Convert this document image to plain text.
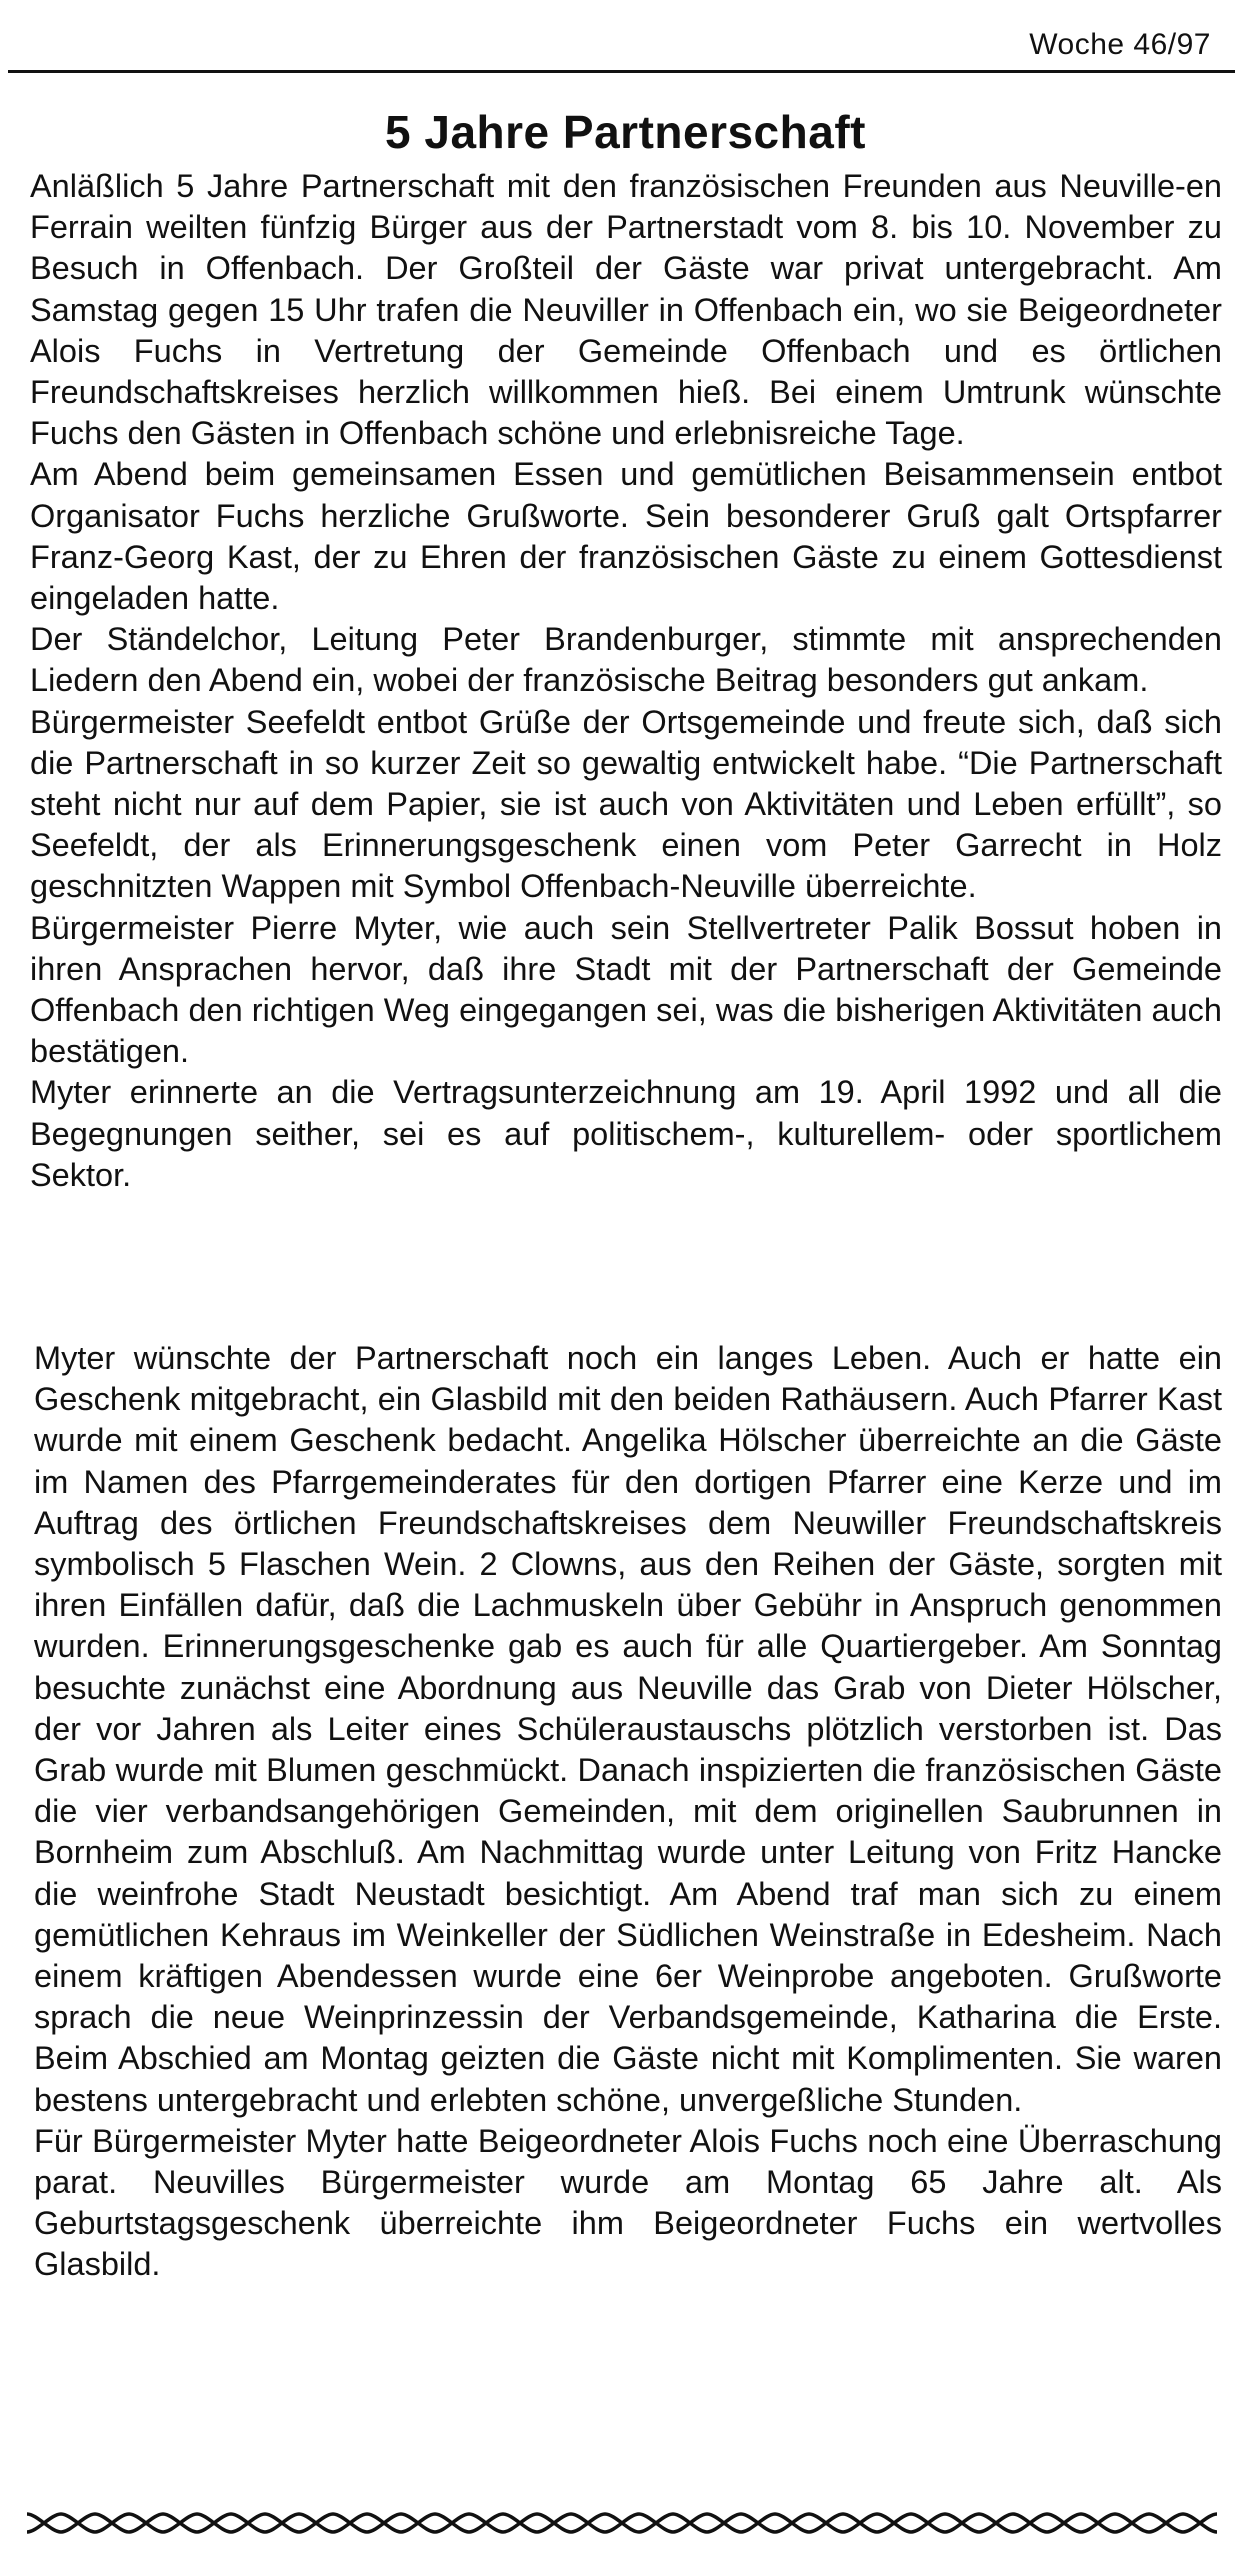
Woche 46/97
5 Jahre Partnerschaft

Anläßlich 5 Jahre Partnerschaft mit den französischen Freunden aus Neuville-en Ferrain weilten fünfzig Bürger aus der Partnerstadt vom 8. bis 10. November zu Besuch in Offenbach. Der Großteil der Gäste war privat untergebracht. Am Samstag gegen 15 Uhr trafen die Neuviller in Offenbach ein, wo sie Beigeordneter Alois Fuchs in Vertretung der Gemeinde Offenbach und es örtlichen Freundschaftskreises herzlich willkommen hieß. Bei einem Umtrunk wünschte Fuchs den Gästen in Offenbach schöne und erlebnisreiche Tage.

Am Abend beim gemeinsamen Essen und gemütlichen Beisammensein entbot Organisator Fuchs herzliche Grußworte. Sein besonderer Gruß galt Ortspfarrer Franz-Georg Kast, der zu Ehren der französischen Gäste zu einem Gottesdienst eingeladen hatte.

Der Ständelchor, Leitung Peter Brandenburger, stimmte mit ansprechenden Liedern den Abend ein, wobei der französische Beitrag besonders gut ankam.

Bürgermeister Seefeldt entbot Grüße der Ortsgemeinde und freute sich, daß sich die Partnerschaft in so kurzer Zeit so gewaltig entwickelt habe. “Die Partnerschaft steht nicht nur auf dem Papier, sie ist auch von Aktivitäten und Leben erfüllt”, so Seefeldt, der als Erinnerungsgeschenk einen vom Peter Garrecht in Holz geschnitzten Wappen mit Symbol Offenbach-Neuville überreichte.

Bürgermeister Pierre Myter, wie auch sein Stellvertreter Palik Bossut hoben in ihren Ansprachen hervor, daß ihre Stadt mit der Partnerschaft der Gemeinde Offenbach den richtigen Weg eingegangen sei, was die bisherigen Aktivitäten auch bestätigen.

Myter erinnerte an die Vertragsunterzeichnung am 19. April 1992 und all die Begegnungen seither, sei es auf politischem-, kulturellem- oder sportlichem Sektor.

Myter wünschte der Partnerschaft noch ein langes Leben. Auch er hatte ein Geschenk mitgebracht, ein Glasbild mit den beiden Rathäusern. Auch Pfarrer Kast wurde mit einem Geschenk bedacht. Angelika Hölscher überreichte an die Gäste im Namen des Pfarrgemeinderates für den dortigen Pfarrer eine Kerze und im Auftrag des örtlichen Freundschaftskreises dem Neuwiller Freundschaftskreis symbolisch 5 Flaschen Wein. 2 Clowns, aus den Reihen der Gäste, sorgten mit ihren Einfällen dafür, daß die Lachmuskeln über Gebühr in Anspruch genommen wurden. Erinnerungsgeschenke gab es auch für alle Quartiergeber. Am Sonntag besuchte zunächst eine Abordnung aus Neuville das Grab von Dieter Hölscher, der vor Jahren als Leiter eines Schüleraustauschs plötzlich verstorben ist. Das Grab wurde mit Blumen geschmückt. Danach inspizierten die französischen Gäste die vier verbandsangehörigen Gemeinden, mit dem originellen Saubrunnen in Bornheim zum Abschluß. Am Nachmittag wurde unter Leitung von Fritz Hancke die weinfrohe Stadt Neustadt besichtigt. Am Abend traf man sich zu einem gemütlichen Kehraus im Weinkeller der Südlichen Weinstraße in Edesheim. Nach einem kräftigen Abendessen wurde eine 6er Weinprobe angeboten. Grußworte sprach die neue Weinprinzessin der Verbandsgemeinde, Katharina die Erste. Beim Abschied am Montag geizten die Gäste nicht mit Komplimenten. Sie waren bestens untergebracht und erlebten schöne, unvergeßliche Stunden.

Für Bürgermeister Myter hatte Beigeordneter Alois Fuchs noch eine Überraschung parat. Neuvilles Bürgermeister wurde am Montag 65 Jahre alt. Als Geburtstagsgeschenk überreichte ihm Beigeordneter Fuchs ein wertvolles Glasbild.
